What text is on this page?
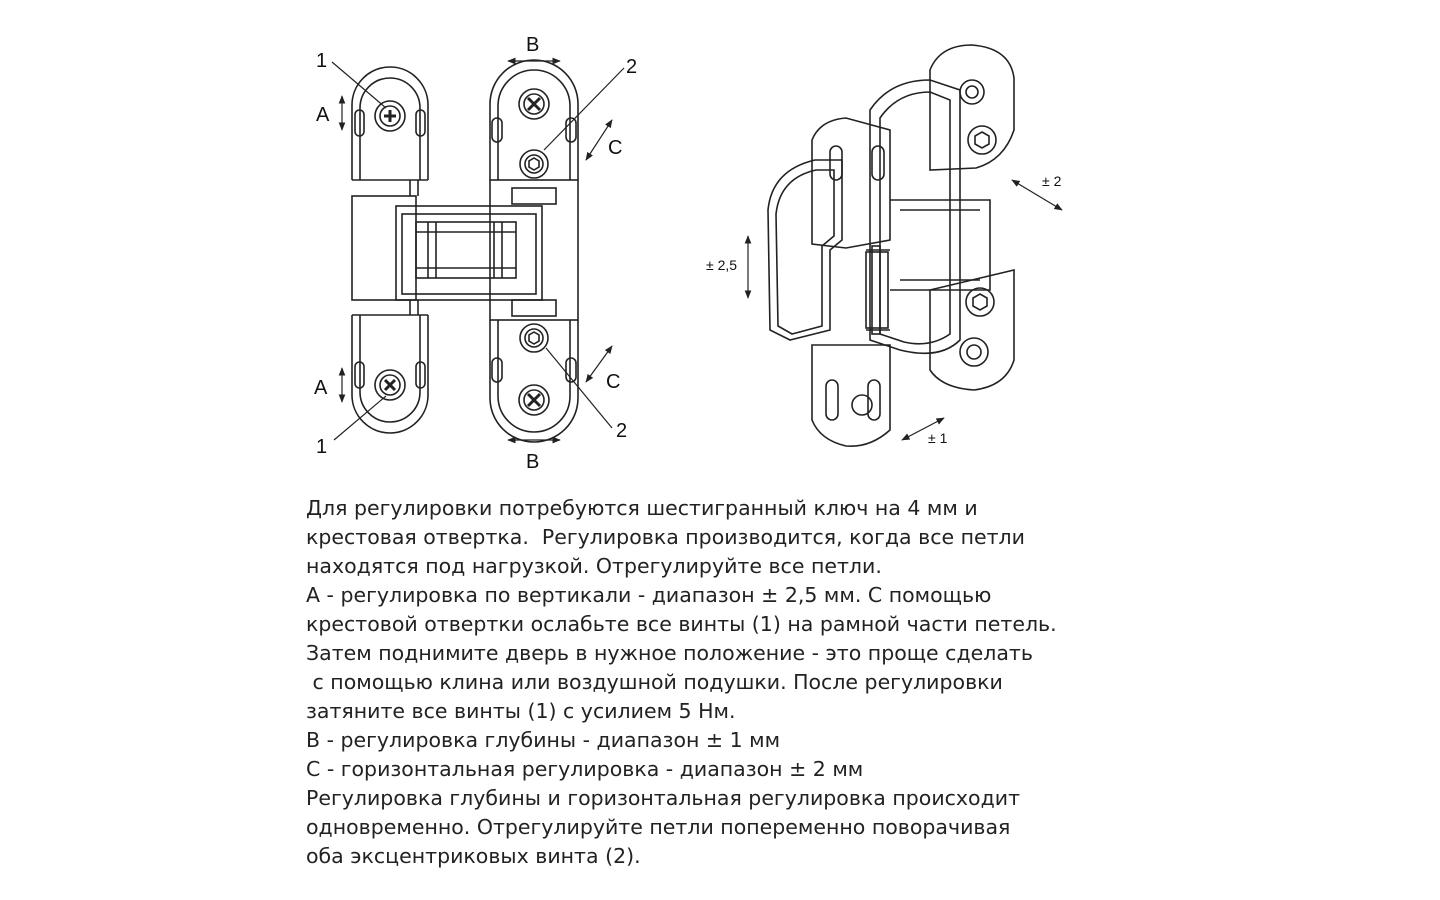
1
1
2
2
A
A
B
B
C
C
± 2,5
± 2
± 1
Для регулировки потребуются шестигранный ключ на 4 мм и
крестовая отвертка.  Регулировка производится, когда все петли
находятся под нагрузкой. Отрегулируйте все петли.
А - регулировка по вертикали - диапазон ± 2,5 мм. С помощью
крестовой отвертки ослабьте все винты (1) на рамной части петель.
Затем поднимите дверь в нужное положение - это проще сделать
с помощью клина или воздушной подушки. После регулировки
затяните все винты (1) с усилием 5 Нм.
В - регулировка глубины - диапазон ± 1 мм
С - горизонтальная регулировка - диапазон ± 2 мм
Регулировка глубины и горизонтальная регулировка происходит
одновременно. Отрегулируйте петли попеременно поворачивая
оба эксцентриковых винта (2).
